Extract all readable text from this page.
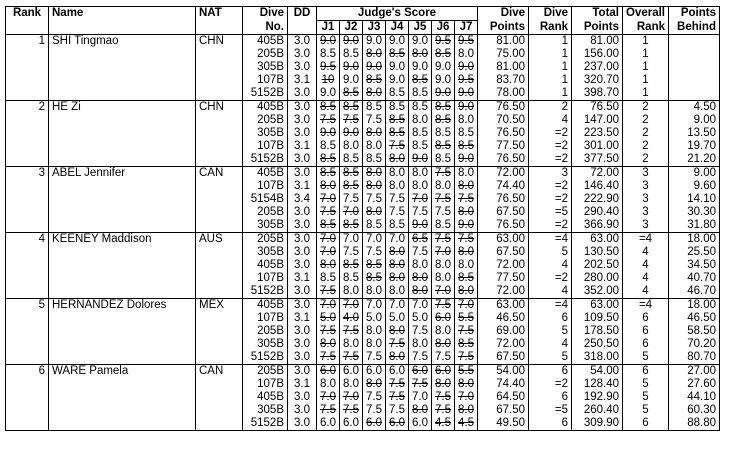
Rank	Name	NAT	Dive	DD	Judge's Score							Dive	Dive	Total	Overall	Points
			No.		J1	J2	J3	J4	J5	J6	J7	Points	Rank	Points	Rank	Behind
1	SHI Tingmao	CHN	405B	3.0	9.0	9.0	9.0	9.0	9.0	9.5	9.5	81.00	1	81.00	1	
			205B	3.0	8.5	8.5	8.0	8.5	8.0	8.5	8.0	75.00	1	156.00	1	
			305B	3.0	9.5	9.0	9.0	9.0	9.0	9.0	9.0	81.00	1	237.00	1	
			107B	3.1	10	9.0	8.5	9.0	8.5	9.0	9.5	83.70	1	320.70	1	
			5152B	3.0	9.0	8.5	8.0	8.5	8.5	9.0	9.0	78.00	1	398.70	1	
2	HE Zi	CHN	405B	3.0	8.5	8.5	8.5	8.5	8.5	8.5	9.0	76.50	2	76.50	2	4.50
			205B	3.0	7.5	7.5	7.5	8.5	8.0	8.5	8.0	70.50	4	147.00	2	9.00
			305B	3.0	9.0	9.0	8.0	8.5	8.5	8.5	8.5	76.50	=2	223.50	2	13.50
			107B	3.1	8.5	8.0	8.0	7.5	8.5	8.5	8.5	77.50	=2	301.00	2	19.70
			5152B	3.0	8.5	8.5	8.5	8.0	9.0	8.5	9.0	76.50	=2	377.50	2	21.20
3	ABEL Jennifer	CAN	405B	3.0	8.5	8.5	8.0	8.0	8.0	7.5	8.0	72.00	3	72.00	3	9.00
			107B	3.1	8.0	8.5	8.0	8.0	8.0	8.0	8.0	74.40	=2	146.40	3	9.60
			5154B	3.4	7.0	7.5	7.5	7.5	7.0	7.5	7.5	76.50	=2	222.90	3	14.10
			205B	3.0	7.5	7.0	8.0	7.5	7.5	7.5	8.0	67.50	=5	290.40	3	30.30
			305B	3.0	8.5	8.5	8.5	8.5	9.0	8.5	9.0	76.50	=2	366.90	3	31.80
4	KEENEY Maddison	AUS	205B	3.0	7.0	7.0	7.0	7.0	6.5	7.5	7.5	63.00	=4	63.00	=4	18.00
			305B	3.0	7.0	7.5	7.5	8.0	7.5	7.0	8.0	67.50	5	130.50	4	25.50
			405B	3.0	8.0	8.5	8.5	8.0	8.0	8.0	8.0	72.00	4	202.50	4	34.50
			107B	3.1	8.5	8.5	8.5	8.0	8.0	8.0	8.5	77.50	=2	280.00	4	40.70
			5152B	3.0	7.5	8.0	8.0	8.0	8.0	7.0	8.0	72.00	4	352.00	4	46.70
5	HERNANDEZ Dolores	MEX	405B	3.0	7.0	7.0	7.0	7.0	7.0	7.5	7.0	63.00	=4	63.00	=4	18.00
			107B	3.1	5.0	4.0	5.0	5.0	5.0	6.0	5.5	46.50	6	109.50	6	46.50
			205B	3.0	7.5	7.5	8.0	8.0	7.5	8.0	7.5	69.00	5	178.50	6	58.50
			305B	3.0	8.0	8.0	8.0	7.5	8.0	8.0	8.5	72.00	4	250.50	6	70.20
			5152B	3.0	7.5	7.5	7.5	8.0	7.5	7.5	7.5	67.50	5	318.00	5	80.70
6	WARE Pamela	CAN	205B	3.0	6.0	6.0	6.0	6.0	6.0	6.0	5.5	54.00	6	54.00	6	27.00
			107B	3.1	8.0	8.0	8.0	7.5	7.5	8.0	8.0	74.40	=2	128.40	5	27.60
			405B	3.0	7.0	7.0	7.5	7.5	7.0	7.5	7.0	64.50	6	192.90	5	44.10
			305B	3.0	7.5	7.5	7.5	7.5	8.0	7.5	8.0	67.50	=5	260.40	5	60.30
			5152B	3.0	6.0	6.0	6.0	6.0	6.0	4.5	4.5	49.50	6	309.90	6	88.80
